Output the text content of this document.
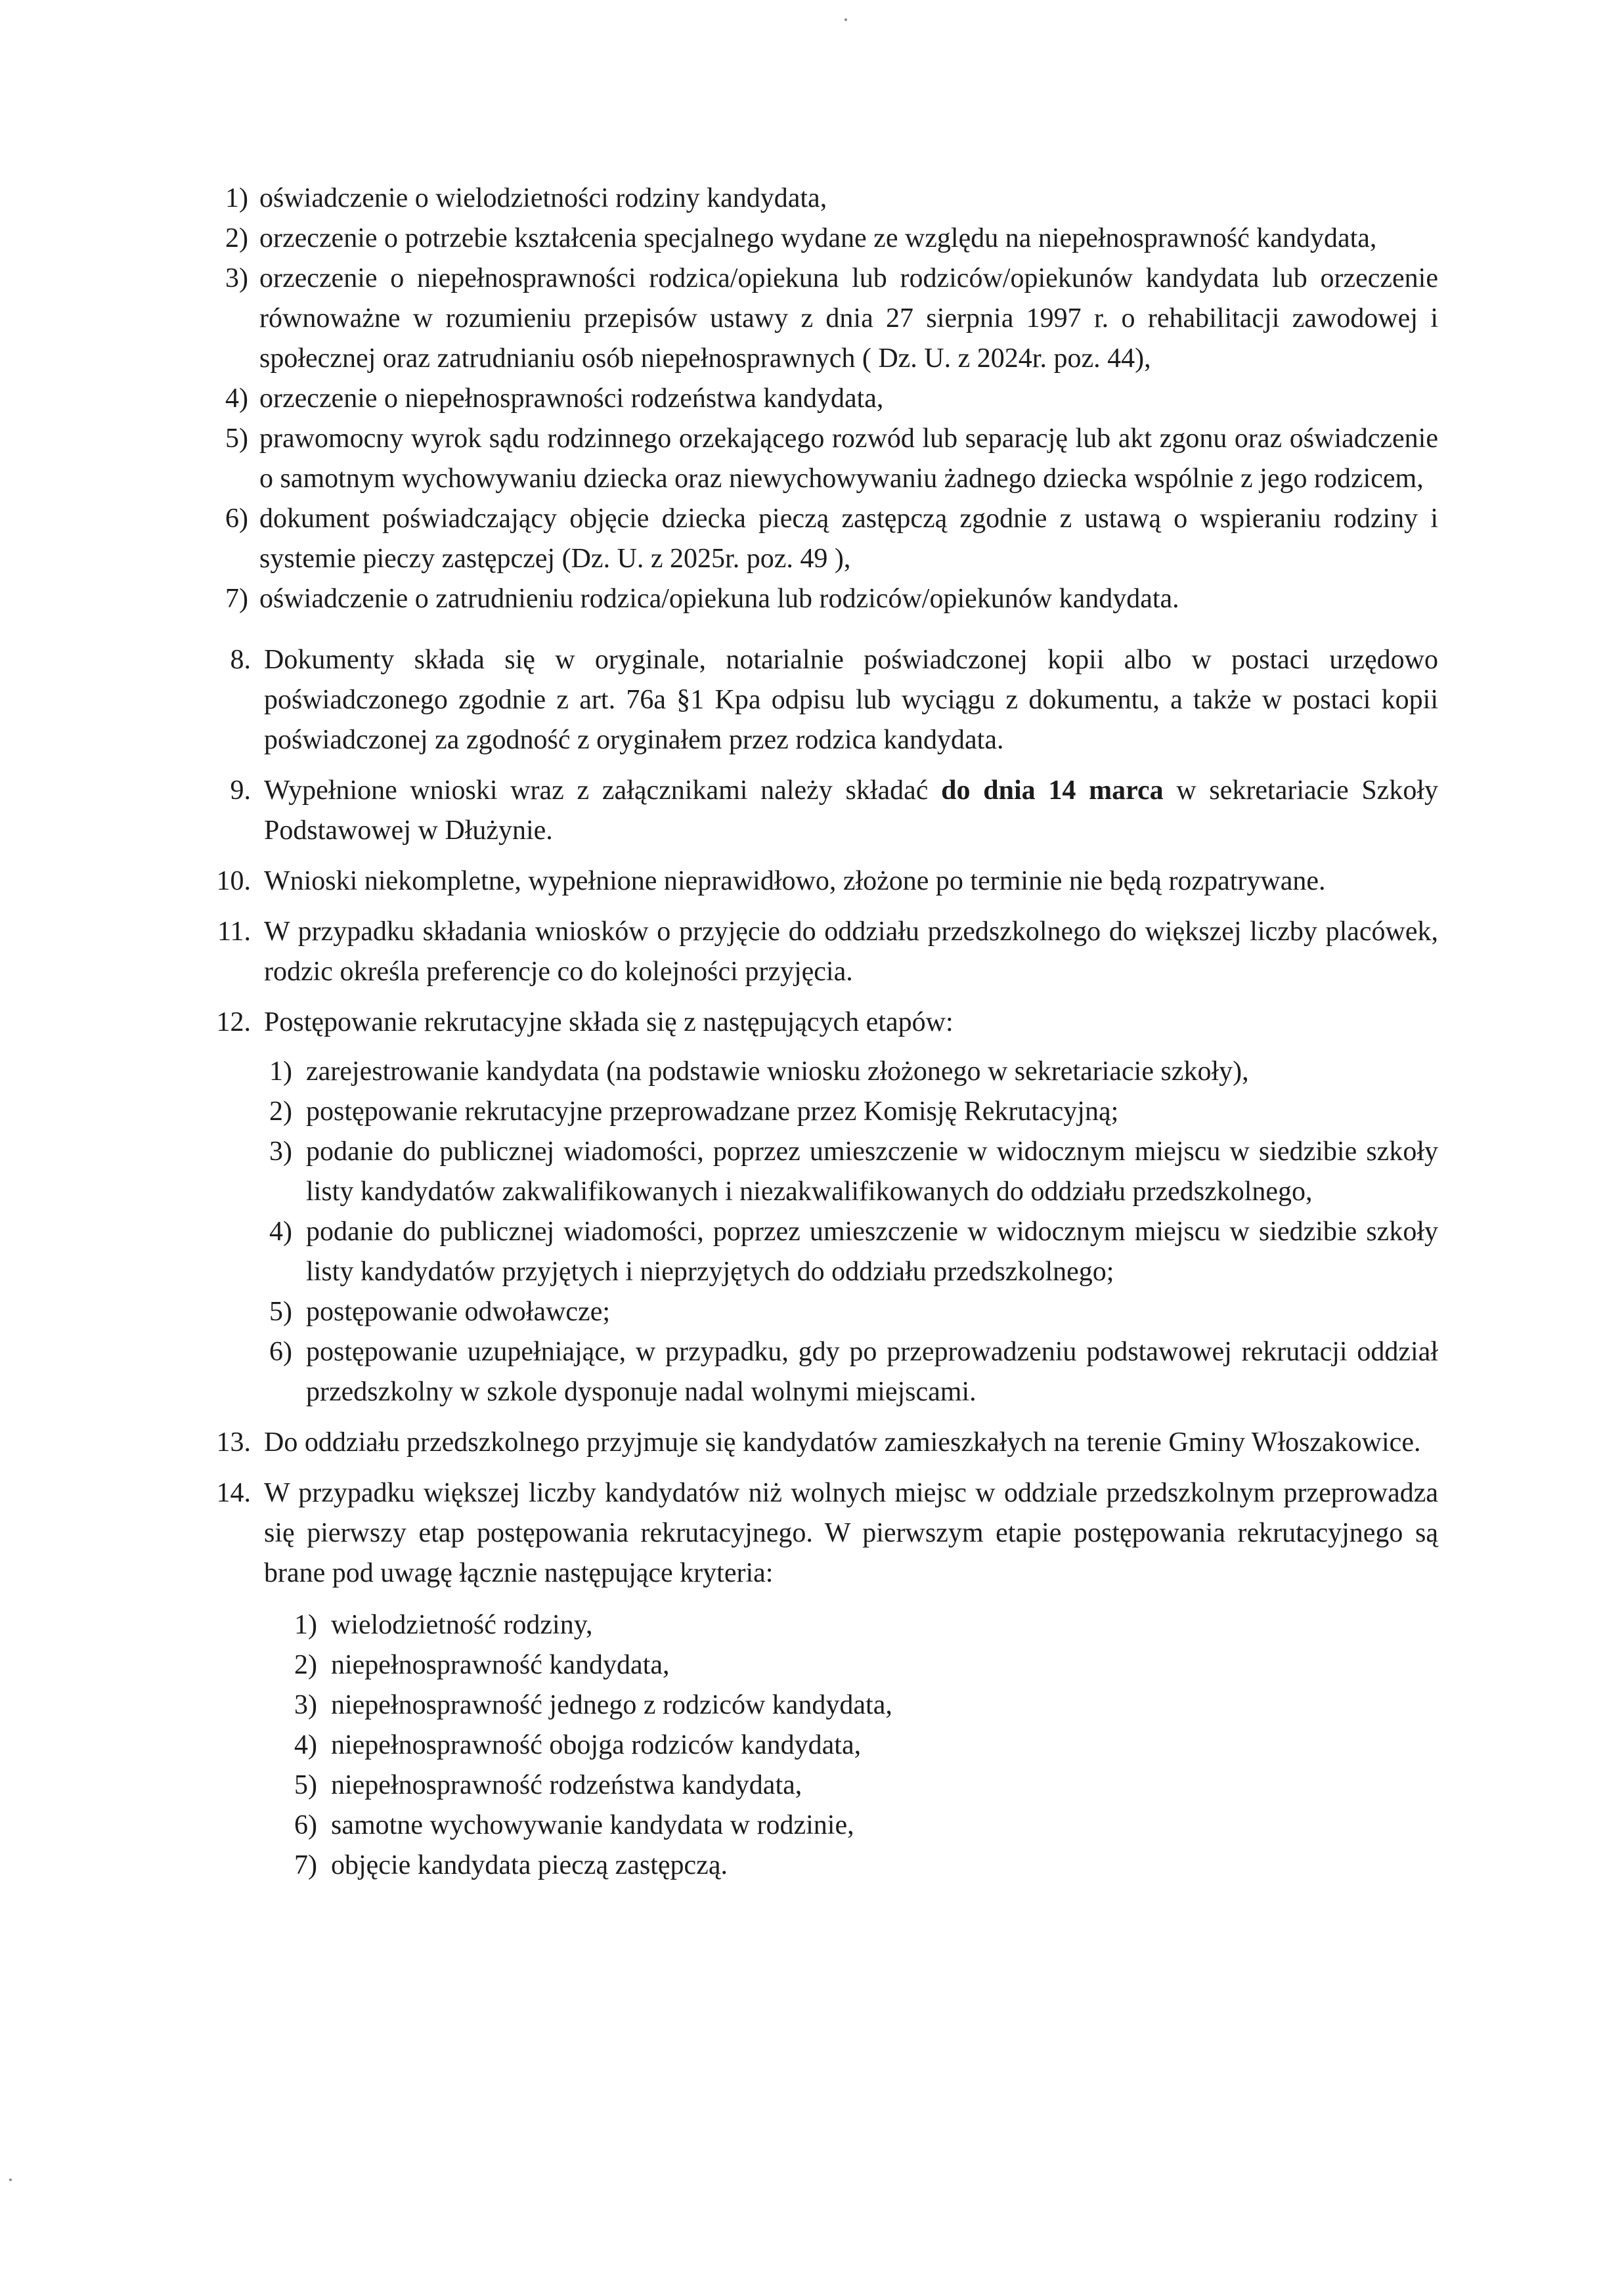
1) oświadczenie o wielodzietności rodziny kandydata,
2) orzeczenie o potrzebie kształcenia specjalnego wydane ze względu na niepełnosprawność kandydata,
3) orzeczenie o niepełnosprawności rodzica/opiekuna lub rodziców/opiekunów kandydata lub orzeczenie równoważne w rozumieniu przepisów ustawy z dnia 27 sierpnia 1997 r. o rehabilitacji zawodowej i społecznej oraz zatrudnianiu osób niepełnosprawnych ( Dz. U. z 2024r. poz. 44),
4) orzeczenie o niepełnosprawności rodzeństwa kandydata,
5) prawomocny wyrok sądu rodzinnego orzekającego rozwód lub separację lub akt zgonu oraz oświadczenie o samotnym wychowywaniu dziecka oraz niewychowywaniu żadnego dziecka wspólnie z jego rodzicem,
6) dokument poświadczający objęcie dziecka pieczą zastępczą zgodnie z ustawą o wspieraniu rodziny i systemie pieczy zastępczej (Dz. U. z 2025r. poz. 49 ),
7) oświadczenie o zatrudnieniu rodzica/opiekuna lub rodziców/opiekunów kandydata.
8. Dokumenty składa się w oryginale, notarialnie poświadczonej kopii albo w postaci urzędowo poświadczonego zgodnie z art. 76a §1 Kpa odpisu lub wyciągu z dokumentu, a także w postaci kopii poświadczonej za zgodność z oryginałem przez rodzica kandydata.
9. Wypełnione wnioski wraz z załącznikami należy składać do dnia 14 marca w sekretariacie Szkoły Podstawowej w Dłużynie.
10. Wnioski niekompletne, wypełnione nieprawidłowo, złożone po terminie nie będą rozpatrywane.
11. W przypadku składania wniosków o przyjęcie do oddziału przedszkolnego do większej liczby placówek, rodzic określa preferencje co do kolejności przyjęcia.
12. Postępowanie rekrutacyjne składa się z następujących etapów:
1) zarejestrowanie kandydata (na podstawie wniosku złożonego w sekretariacie szkoły),
2) postępowanie rekrutacyjne przeprowadzane przez Komisję Rekrutacyjną;
3) podanie do publicznej wiadomości, poprzez umieszczenie w widocznym miejscu w siedzibie szkoły listy kandydatów zakwalifikowanych i niezakwalifikowanych do oddziału przedszkolnego,
4) podanie do publicznej wiadomości, poprzez umieszczenie w widocznym miejscu w siedzibie szkoły listy kandydatów przyjętych i nieprzyjętych do oddziału przedszkolnego;
5) postępowanie odwoławcze;
6) postępowanie uzupełniające, w przypadku, gdy po przeprowadzeniu podstawowej rekrutacji oddział przedszkolny w szkole dysponuje nadal wolnymi miejscami.
13. Do oddziału przedszkolnego przyjmuje się kandydatów zamieszkałych na terenie Gminy Włoszakowice.
14. W przypadku większej liczby kandydatów niż wolnych miejsc w oddziale przedszkolnym przeprowadza się pierwszy etap postępowania rekrutacyjnego. W pierwszym etapie postępowania rekrutacyjnego są brane pod uwagę łącznie następujące kryteria:
1) wielodzietność rodziny,
2) niepełnosprawność kandydata,
3) niepełnosprawność jednego z rodziców kandydata,
4) niepełnosprawność obojga rodziców kandydata,
5) niepełnosprawność rodzeństwa kandydata,
6) samotne wychowywanie kandydata w rodzinie,
7) objęcie kandydata pieczą zastępczą.
